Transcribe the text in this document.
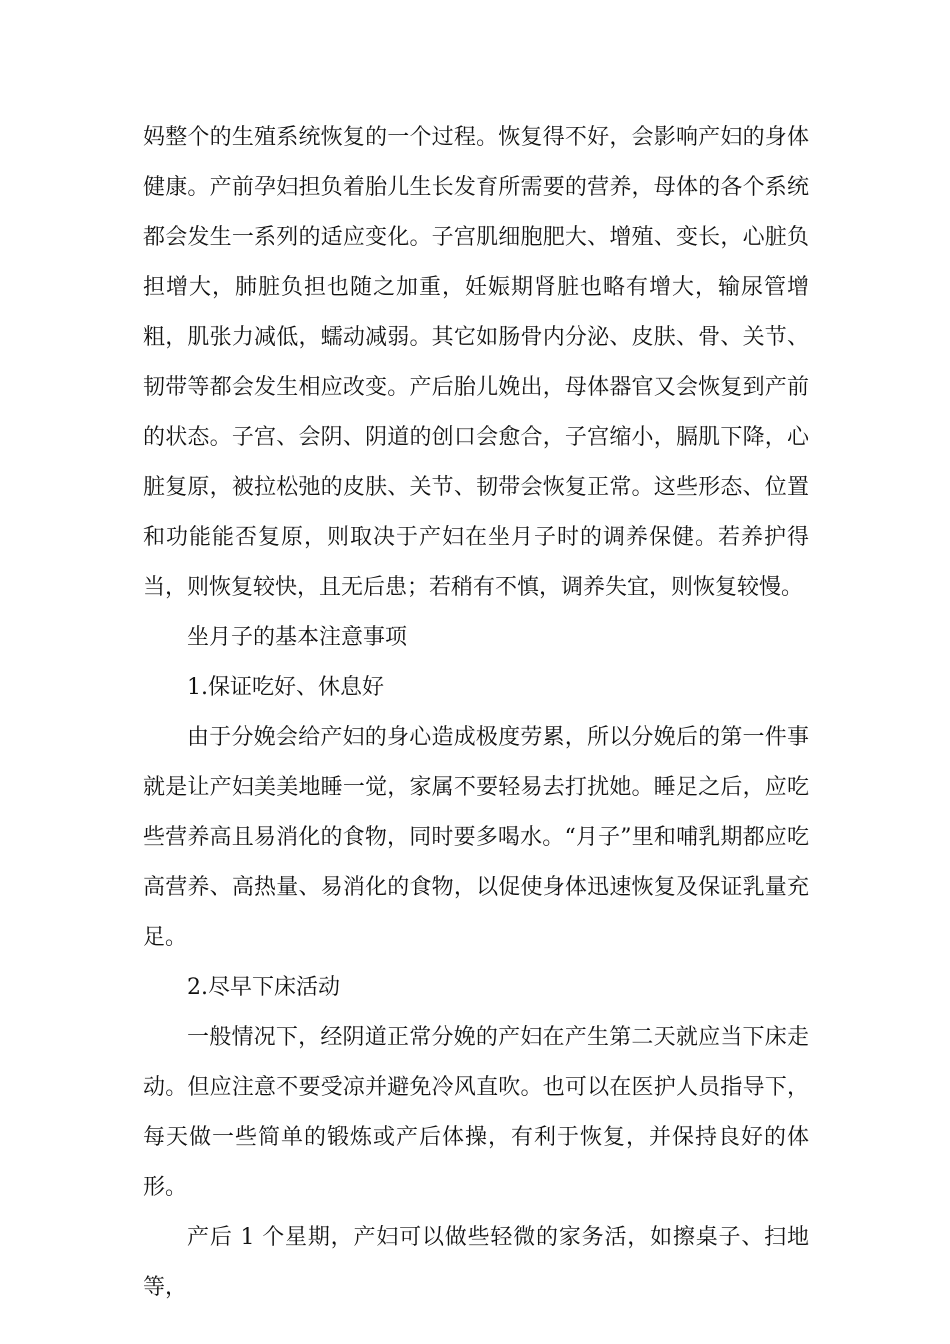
妈整个的生殖系统恢复的一个过程。恢复得不好，会影响产妇的身体健康。产前孕妇担负着胎儿生长发育所需要的营养，母体的各个系统都会发生一系列的适应变化。子宫肌细胞肥大、增殖、变长，心脏负担增大，肺脏负担也随之加重，妊娠期肾脏也略有增大，输尿管增粗，肌张力减低，蠕动减弱。其它如肠骨内分泌、皮肤、骨、关节、韧带等都会发生相应改变。产后胎儿娩出，母体器官又会恢复到产前的状态。子宫、会阴、阴道的创口会愈合，子宫缩小，膈肌下降，心脏复原，被拉松弛的皮肤、关节、韧带会恢复正常。这些形态、位置和功能能否复原，则取决于产妇在坐月子时的调养保健。若养护得当，则恢复较快，且无后患；若稍有不慎，调养失宜，则恢复较慢。

坐月子的基本注意事项

1.保证吃好、休息好

由于分娩会给产妇的身心造成极度劳累，所以分娩后的第一件事就是让产妇美美地睡一觉，家属不要轻易去打扰她。睡足之后，应吃些营养高且易消化的食物，同时要多喝水。“月子”里和哺乳期都应吃高营养、高热量、易消化的食物，以促使身体迅速恢复及保证乳量充足。

2.尽早下床活动

一般情况下，经阴道正常分娩的产妇在产生第二天就应当下床走动。但应注意不要受凉并避免冷风直吹。也可以在医护人员指导下，每天做一些简单的锻炼或产后体操，有利于恢复，并保持良好的体形。

产后 1 个星期，产妇可以做些轻微的家务活，如擦桌子、扫地等，
